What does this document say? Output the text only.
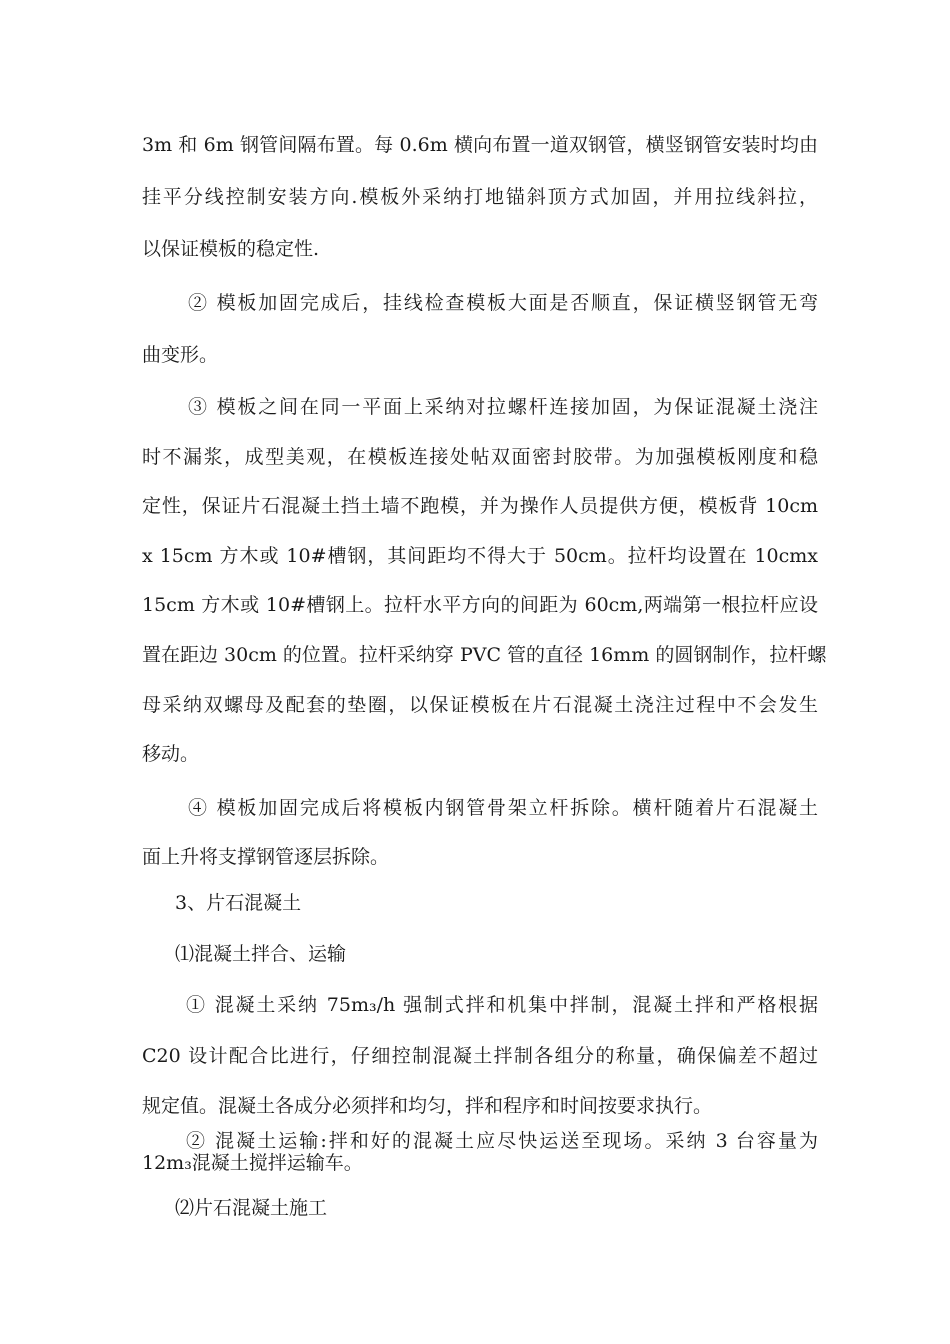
3m 和 6m 钢管间隔布置。每 0.6m 横向布置一道双钢管，横竖钢管安装时均由
挂平分线控制安装方向.模板外采纳打地锚斜顶方式加固，并用拉线斜拉，
以保证模板的稳定性.
② 模板加固完成后，挂线检查模板大面是否顺直，保证横竖钢管无弯
曲变形。
③ 模板之间在同一平面上采纳对拉螺杆连接加固，为保证混凝土浇注
时不漏浆，成型美观，在模板连接处帖双面密封胶带。为加强模板刚度和稳
定性，保证片石混凝土挡土墙不跑模，并为操作人员提供方便，模板背 10cm
x 15cm 方木或 10#槽钢，其间距均不得大于 50cm。拉杆均设置在 10cmx
15cm 方木或 10#槽钢上。拉杆水平方向的间距为 60cm,两端第一根拉杆应设
置在距边 30cm 的位置。拉杆采纳穿 PVC 管的直径 16mm 的圆钢制作，拉杆螺
母采纳双螺母及配套的垫圈，以保证模板在片石混凝土浇注过程中不会发生
移动。
④ 模板加固完成后将模板内钢管骨架立杆拆除。横杆随着片石混凝土
面上升将支撑钢管逐层拆除。
3、片石混凝土
⑴混凝土拌合、运输
① 混凝土采纳 75m₃/h 强制式拌和机集中拌制，混凝土拌和严格根据
C20 设计配合比进行，仔细控制混凝土拌制各组分的称量，确保偏差不超过
规定值。混凝土各成分必须拌和均匀，拌和程序和时间按要求执行。
② 混凝土运输:拌和好的混凝土应尽快运送至现场。采纳 3 台容量为
12m₃混凝土搅拌运输车。
⑵片石混凝土施工
